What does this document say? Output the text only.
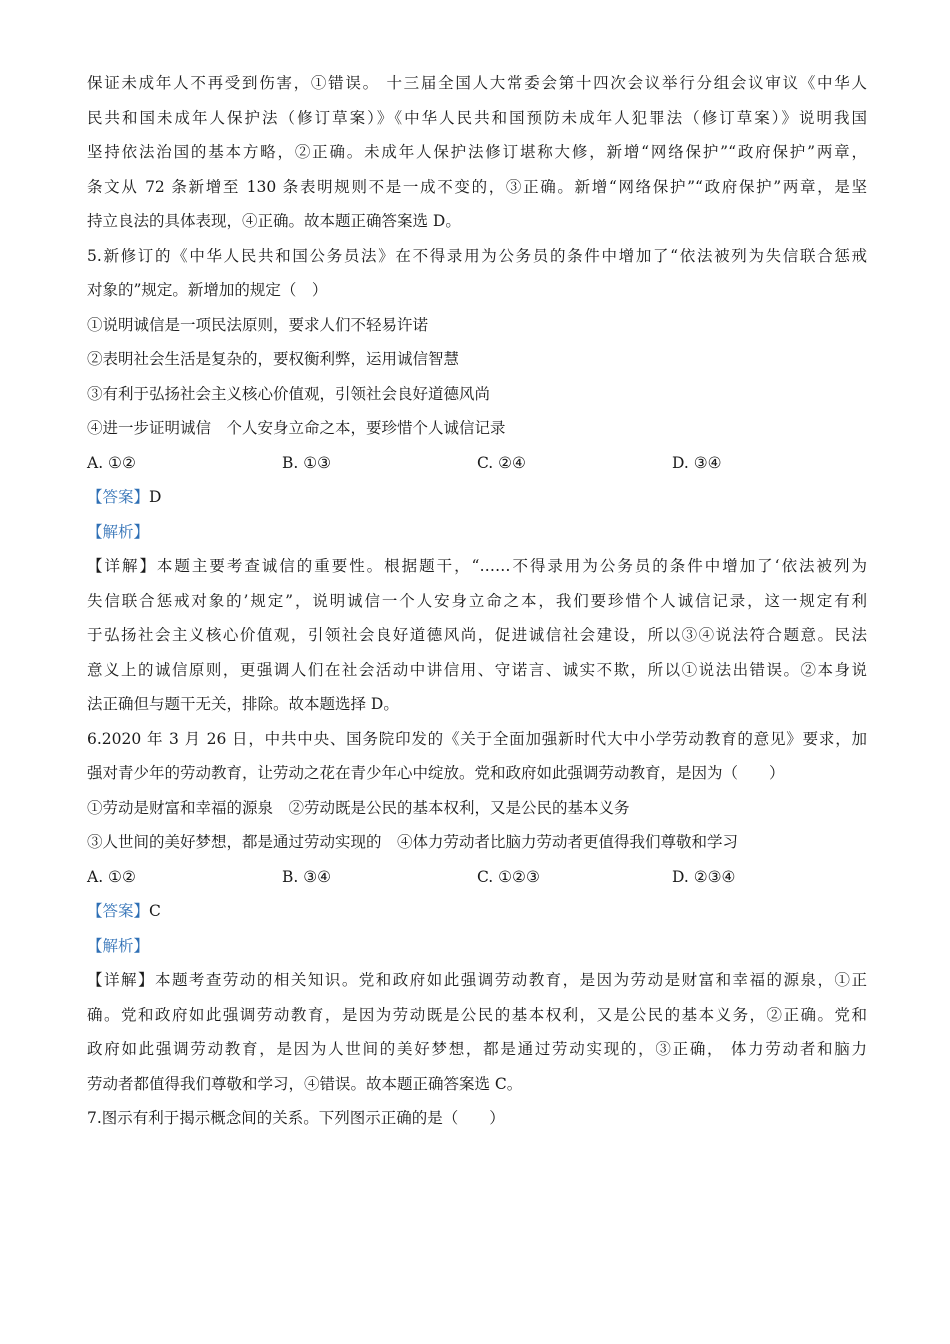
保证未成年人不再受到伤害，①错误。 十三届全国人大常委会第十四次会议举行分组会议审议《中华人
民共和国未成年人保护法（修订草案）》《中华人民共和国预防未成年人犯罪法（修订草案）》说明我国
坚持依法治国的基本方略，②正确。未成年人保护法修订堪称大修，新增“网络保护”“政府保护”两章，
条文从 72 条新增至 130 条表明规则不是一成不变的，③正确。新增“网络保护”“政府保护”两章，是坚
持立良法的具体表现，④正确。故本题正确答案选 D。
5.新修订的《中华人民共和国公务员法》在不得录用为公务员的条件中增加了“依法被列为失信联合惩戒
对象的”规定。新增加的规定（　）
①说明诚信是一项民法原则，要求人们不轻易许诺
②表明社会生活是复杂的，要权衡利弊，运用诚信智慧
③有利于弘扬社会主义核心价值观，引领社会良好道德风尚
④进一步证明诚信　个人安身立命之本，要珍惜个人诚信记录
A. ①②	B. ①③	C. ②④	D. ③④
【答案】D
【解析】
【详解】本题主要考查诚信的重要性。根据题干，“……不得录用为公务员的条件中增加了‘依法被列为
失信联合惩戒对象的’规定”，说明诚信一个人安身立命之本，我们要珍惜个人诚信记录，这一规定有利
于弘扬社会主义核心价值观，引领社会良好道德风尚，促进诚信社会建设，所以③④说法符合题意。民法
意义上的诚信原则，更强调人们在社会活动中讲信用、守诺言、诚实不欺，所以①说法出错误。②本身说
法正确但与题干无关，排除。故本题选择 D。
6.2020 年 3 月 26 日，中共中央、国务院印发的《关于全面加强新时代大中小学劳动教育的意见》要求，加
强对青少年的劳动教育，让劳动之花在青少年心中绽放。党和政府如此强调劳动教育，是因为（　　）
①劳动是财富和幸福的源泉　②劳动既是公民的基本权利，又是公民的基本义务
③人世间的美好梦想，都是通过劳动实现的　④体力劳动者比脑力劳动者更值得我们尊敬和学习
A. ①②	B. ③④	C. ①②③	D. ②③④
【答案】C
【解析】
【详解】本题考查劳动的相关知识。党和政府如此强调劳动教育，是因为劳动是财富和幸福的源泉，①正
确。党和政府如此强调劳动教育，是因为劳动既是公民的基本权利，又是公民的基本义务，②正确。党和
政府如此强调劳动教育，是因为人世间的美好梦想，都是通过劳动实现的，③正确， 体力劳动者和脑力
劳动者都值得我们尊敬和学习，④错误。故本题正确答案选 C。
7.图示有利于揭示概念间的关系。下列图示正确的是（　　）
